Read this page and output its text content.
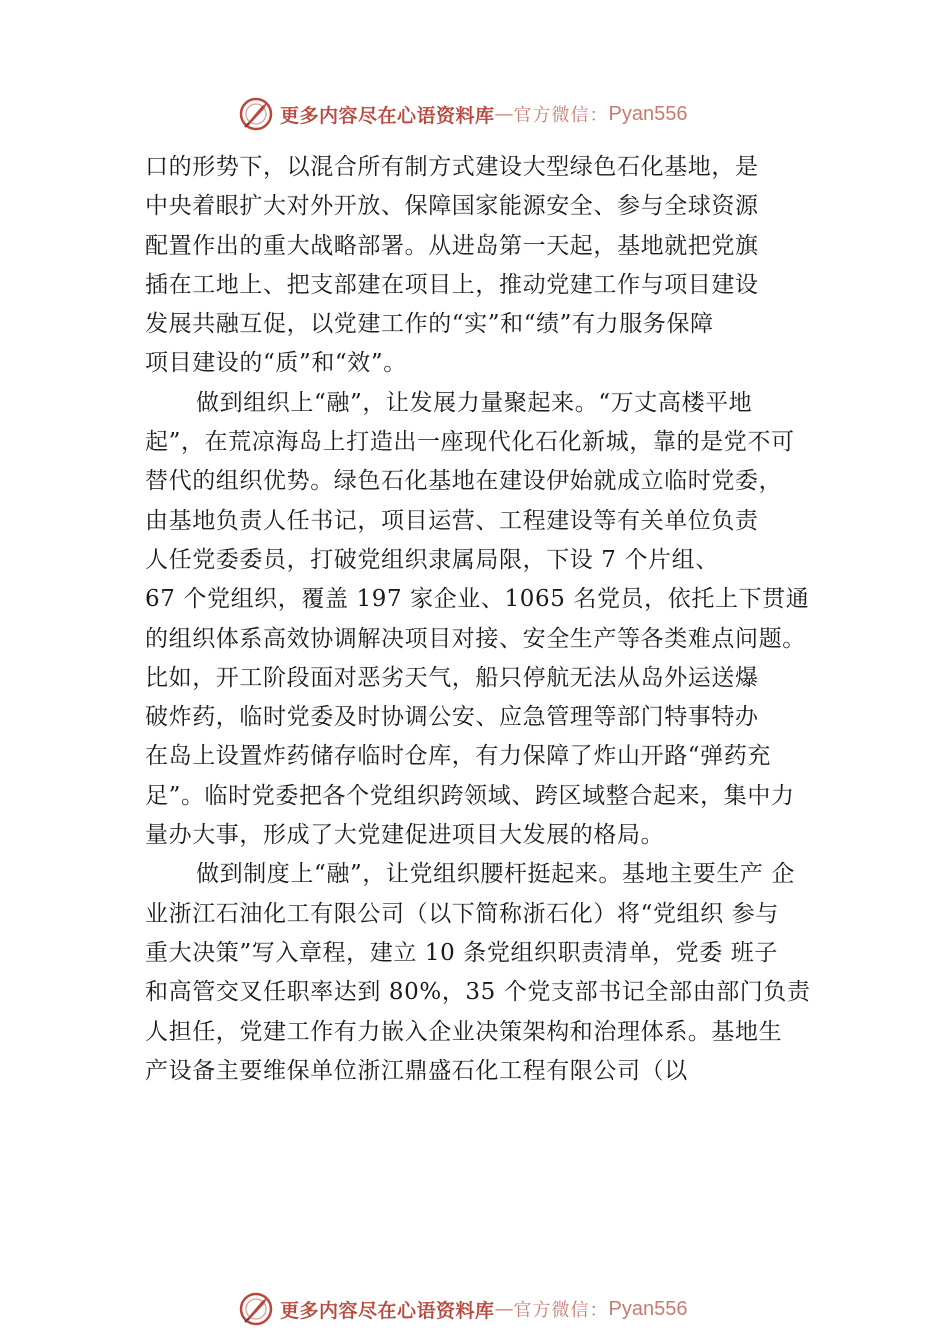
更多内容尽在心语资料库 — 官方微信： Pyan556
口的形势下，以混合所有制方式建设大型绿色石化基地，是
中央着眼扩大对外开放、保障国家能源安全、参与全球资源
配置作出的重大战略部署。从进岛第一天起，基地就把党旗
插在工地上、把支部建在项目上，推动党建工作与项目建设
发展共融互促，以党建工作的“实”和“绩”有力服务保障
项目建设的“质”和“效”。
做到组织上“融”，让发展力量聚起来。“万丈高楼平地
起”，在荒凉海岛上打造出一座现代化石化新城，靠的是党不可
替代的组织优势。绿色石化基地在建设伊始就成立临时党委，
由基地负责人任书记，项目运营、工程建设等有关单位负责
人任党委委员，打破党组织隶属局限，下设 7 个片组、
67 个党组织，覆盖 197 家企业、1065 名党员，依托上下贯通
的组织体系高效协调解决项目对接、安全生产等各类难点问题。
比如，开工阶段面对恶劣天气，船只停航无法从岛外运送爆
破炸药，临时党委及时协调公安、应急管理等部门特事特办
在岛上设置炸药储存临时仓库，有力保障了炸山开路“弹药充
足”。临时党委把各个党组织跨领域、跨区域整合起来，集中力
量办大事，形成了大党建促进项目大发展的格局。
做到制度上“融”，让党组织腰杆挺起来。基地主要生产 企
业浙江石油化工有限公司（以下简称浙石化）将“党组织 参与
重大决策”写入章程，建立 10 条党组织职责清单，党委 班子
和高管交叉任职率达到 80%，35 个党支部书记全部由部门负责
人担任，党建工作有力嵌入企业决策架构和治理体系。基地生
产设备主要维保单位浙江鼎盛石化工程有限公司（以
更多内容尽在心语资料库 — 官方微信： Pyan556
